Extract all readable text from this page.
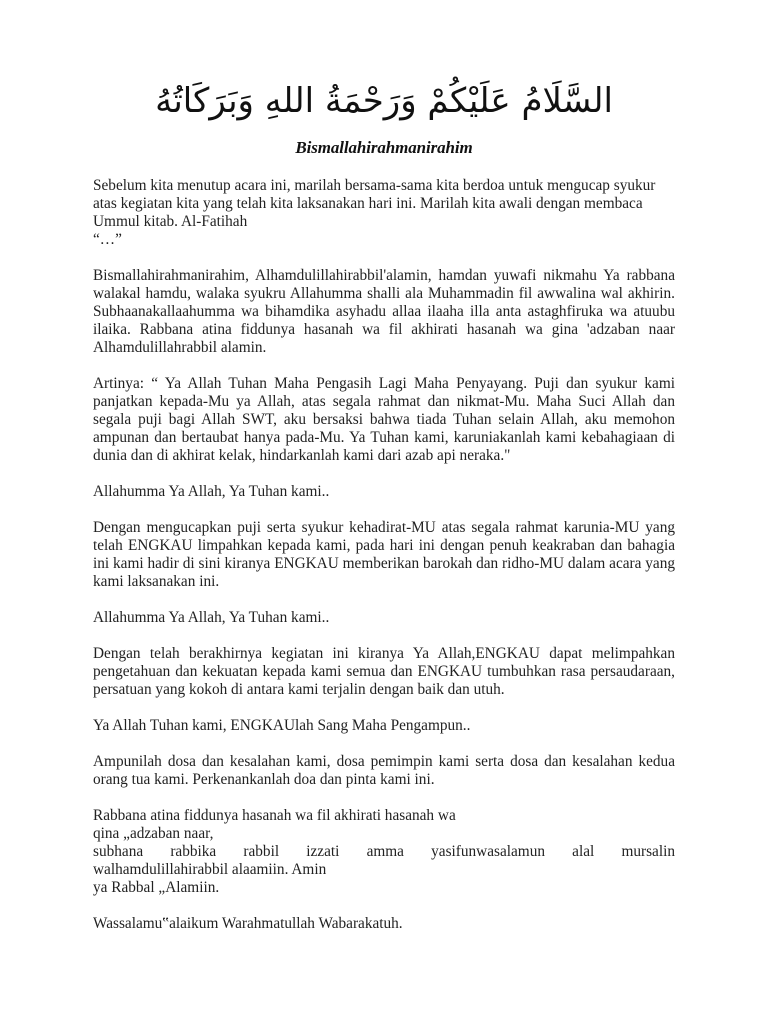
السَّلَامُ عَلَيْكُمْ وَرَحْمَةُ اللهِ وَبَرَكَاتُهُ
Bismallahirahmanirahim

Sebelum kita menutup acara ini, marilah bersama-sama kita berdoa untuk mengucap syukur atas kegiatan kita yang telah kita laksanakan hari ini. Marilah kita awali dengan membaca Ummul kitab. Al-Fatihah
“…”

Bismallahirahmanirahim, Alhamdulillahirabbil'alamin, hamdan yuwafi nikmahu Ya rabbana walakal hamdu, walaka syukru Allahumma shalli ala Muhammadin fil awwalina wal akhirin. Subhaanakallaahumma wa bihamdika asyhadu allaa ilaaha illa anta astaghfiruka wa atuubu ilaika. Rabbana atina fiddunya hasanah wa fil akhirati hasanah wa gina 'adzaban naar Alhamdulillahrabbil alamin.

Artinya: “ Ya Allah Tuhan Maha Pengasih Lagi Maha Penyayang. Puji dan syukur kami panjatkan kepada-Mu ya Allah, atas segala rahmat dan nikmat-Mu. Maha Suci Allah dan segala puji bagi Allah SWT, aku bersaksi bahwa tiada Tuhan selain Allah, aku memohon ampunan dan bertaubat hanya pada-Mu. Ya Tuhan kami, karuniakanlah kami kebahagiaan di dunia dan di akhirat kelak, hindarkanlah kami dari azab api neraka."

Allahumma Ya Allah, Ya Tuhan kami..

Dengan mengucapkan puji serta syukur kehadirat-MU atas segala rahmat karunia-MU yang telah ENGKAU limpahkan kepada kami, pada hari ini dengan penuh keakraban dan bahagia ini kami hadir di sini kiranya ENGKAU memberikan barokah dan ridho-MU dalam acara yang kami laksanakan ini.

Allahumma Ya Allah, Ya Tuhan kami..

Dengan telah berakhirnya kegiatan ini kiranya Ya Allah,ENGKAU dapat melimpahkan pengetahuan dan kekuatan kepada kami semua dan ENGKAU tumbuhkan rasa persaudaraan, persatuan yang kokoh di antara kami terjalin dengan baik dan utuh.

Ya Allah Tuhan kami, ENGKAUlah Sang Maha Pengampun..

Ampunilah dosa dan kesalahan kami, dosa pemimpin kami serta dosa dan kesalahan kedua orang tua kami. Perkenankanlah doa dan pinta kami ini.

Rabbana atina fiddunya hasanah wa fil akhirati hasanah wa
qina „adzaban naar,
subhana rabbika rabbil izzati amma yasifunwasalamun alal mursalin
walhamdulillahirabbil alaamiin. Amin
ya Rabbal „Alamiin.

Wassalamu‟alaikum Warahmatullah Wabarakatuh.
